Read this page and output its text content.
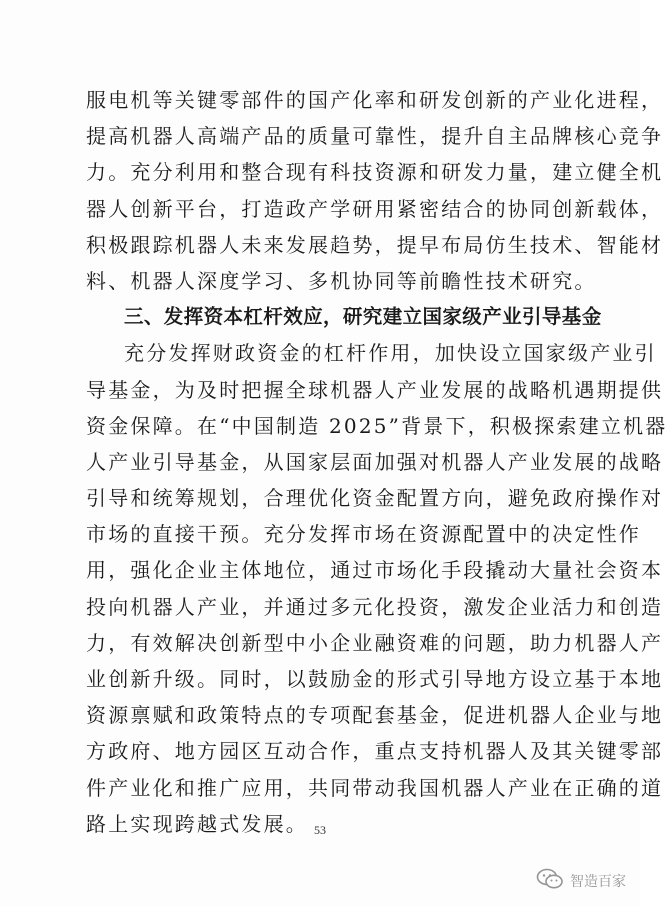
服电机等关键零部件的国产化率和研发创新的产业化进程，
提高机器人高端产品的质量可靠性，提升自主品牌核心竞争
力。充分利用和整合现有科技资源和研发力量，建立健全机
器人创新平台，打造政产学研用紧密结合的协同创新载体，
积极跟踪机器人未来发展趋势，提早布局仿生技术、智能材
料、机器人深度学习、多机协同等前瞻性技术研究。
三、发挥资本杠杆效应，研究建立国家级产业引导基金
充分发挥财政资金的杠杆作用，加快设立国家级产业引
导基金，为及时把握全球机器人产业发展的战略机遇期提供
资金保障。在“中国制造 2025”背景下，积极探索建立机器
人产业引导基金，从国家层面加强对机器人产业发展的战略
引导和统筹规划，合理优化资金配置方向，避免政府操作对
市场的直接干预。充分发挥市场在资源配置中的决定性作
用，强化企业主体地位，通过市场化手段撬动大量社会资本
投向机器人产业，并通过多元化投资，激发企业活力和创造
力，有效解决创新型中小企业融资难的问题，助力机器人产
业创新升级。同时，以鼓励金的形式引导地方设立基于本地
资源禀赋和政策特点的专项配套基金，促进机器人企业与地
方政府、地方园区互动合作，重点支持机器人及其关键零部
件产业化和推广应用，共同带动我国机器人产业在正确的道
路上实现跨越式发展。 53
智造百家
